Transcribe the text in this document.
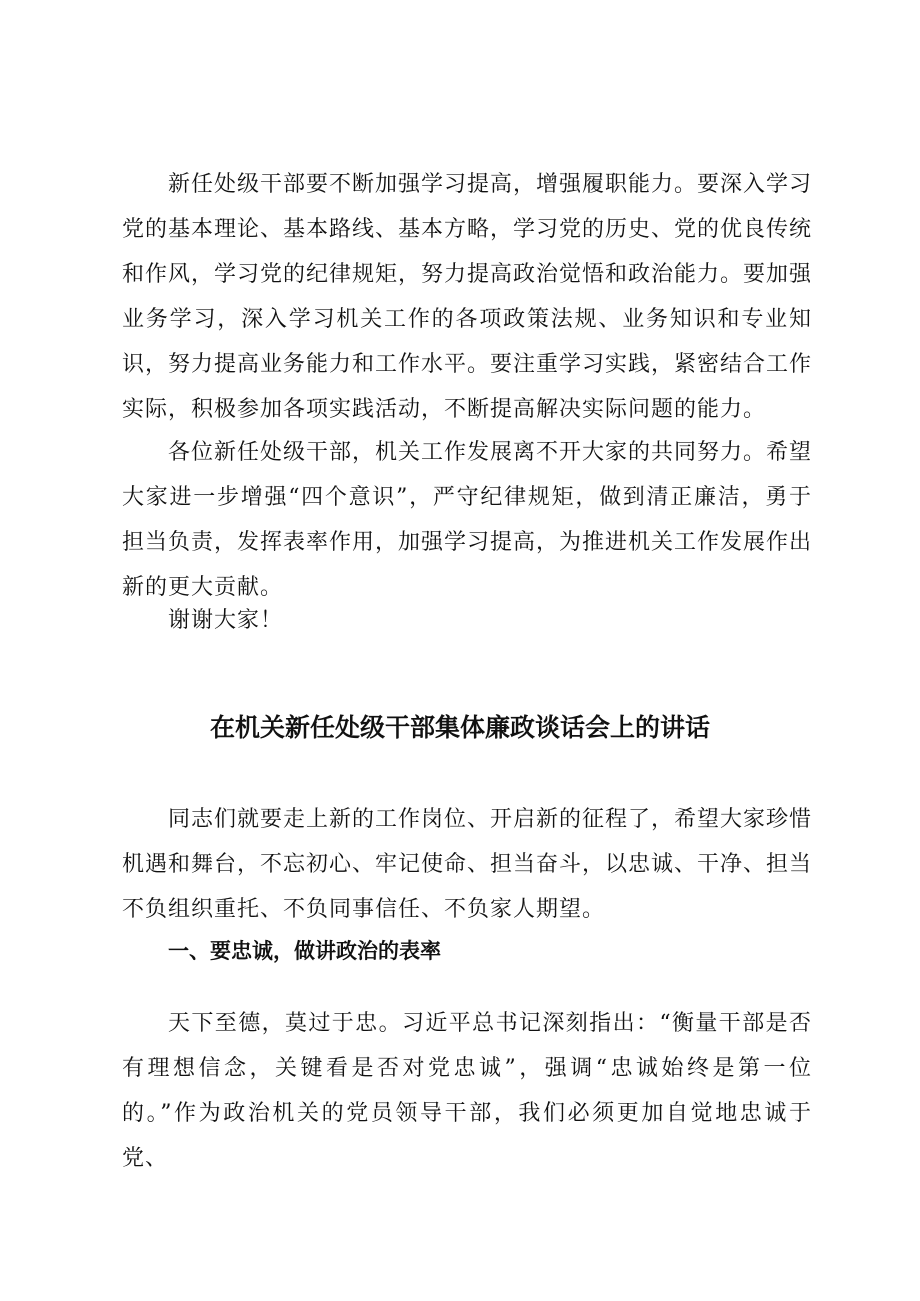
新任处级干部要不断加强学习提高，增强履职能力。要深入学习党的基本理论、基本路线、基本方略，学习党的历史、党的优良传统和作风，学习党的纪律规矩，努力提高政治觉悟和政治能力。要加强业务学习，深入学习机关工作的各项政策法规、业务知识和专业知识，努力提高业务能力和工作水平。要注重学习实践，紧密结合工作实际，积极参加各项实践活动，不断提高解决实际问题的能力。

各位新任处级干部，机关工作发展离不开大家的共同努力。希望大家进一步增强“四个意识”，严守纪律规矩，做到清正廉洁，勇于担当负责，发挥表率作用，加强学习提高，为推进机关工作发展作出新的更大贡献。

谢谢大家！

在机关新任处级干部集体廉政谈话会上的讲话

同志们就要走上新的工作岗位、开启新的征程了，希望大家珍惜机遇和舞台，不忘初心、牢记使命、担当奋斗，以忠诚、干净、担当不负组织重托、不负同事信任、不负家人期望。

一、要忠诚，做讲政治的表率

天下至德，莫过于忠。习近平总书记深刻指出：“衡量干部是否有理想信念，关键看是否对党忠诚”，强调“忠诚始终是第一位的。”作为政治机关的党员领导干部，我们必须更加自觉地忠诚于党、
